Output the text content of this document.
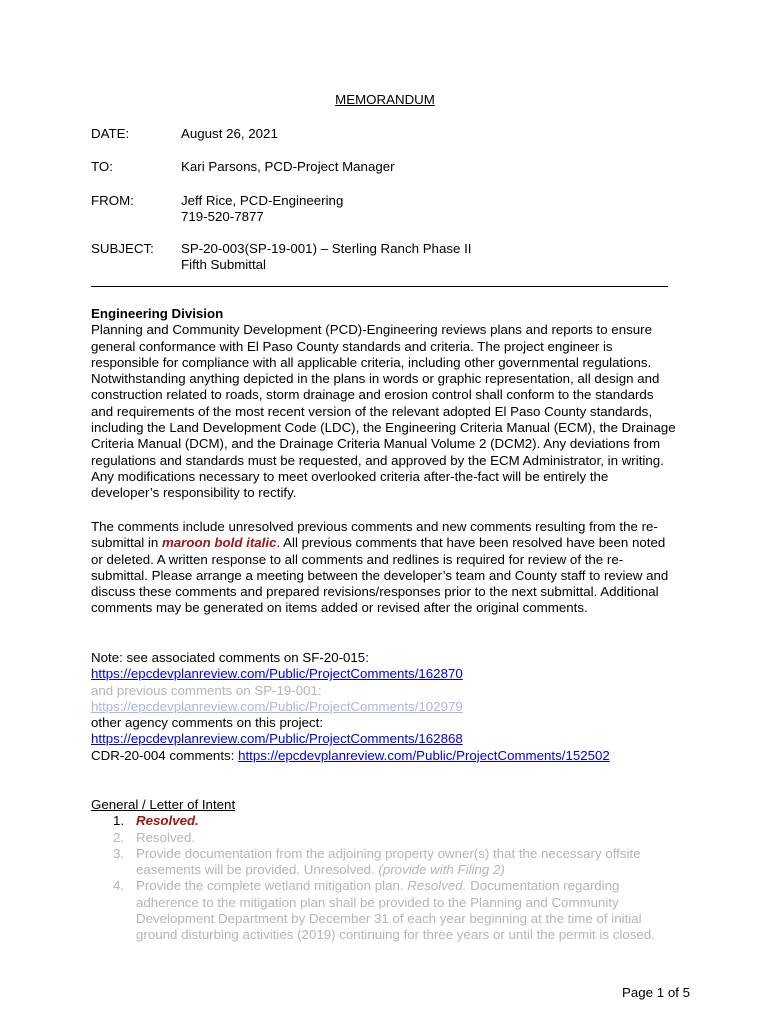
MEMORANDUM
DATE:	August 26, 2021
TO:	Kari Parsons, PCD-Project Manager
FROM:	Jeff Rice, PCD-Engineering
719-520-7877
SUBJECT: SP-20-003(SP-19-001) – Sterling Ranch Phase II
Fifth Submittal

Engineering Division

Planning and Community Development (PCD)-Engineering reviews plans and reports to ensure general conformance with El Paso County standards and criteria. The project engineer is responsible for compliance with all applicable criteria, including other governmental regulations. Notwithstanding anything depicted in the plans in words or graphic representation, all design and construction related to roads, storm drainage and erosion control shall conform to the standards and requirements of the most recent version of the relevant adopted El Paso County standards, including the Land Development Code (LDC), the Engineering Criteria Manual (ECM), the Drainage Criteria Manual (DCM), and the Drainage Criteria Manual Volume 2 (DCM2). Any deviations from regulations and standards must be requested, and approved by the ECM Administrator, in writing. Any modifications necessary to meet overlooked criteria after-the-fact will be entirely the developer’s responsibility to rectify.

The comments include unresolved previous comments and new comments resulting from the re-submittal in maroon bold italic. All previous comments that have been resolved have been noted or deleted. A written response to all comments and redlines is required for review of the re-submittal. Please arrange a meeting between the developer’s team and County staff to review and discuss these comments and prepared revisions/responses prior to the next submittal. Additional comments may be generated on items added or revised after the original comments.

Note: see associated comments on SF-20-015:

https://epcdevplanreview.com/Public/ProjectComments/162870

and previous comments on SP-19-001:

https://epcdevplanreview.com/Public/ProjectComments/102979

other agency comments on this project:

https://epcdevplanreview.com/Public/ProjectComments/162868

CDR-20-004 comments: https://epcdevplanreview.com/Public/ProjectComments/152502

General / Letter of Intent

1. Resolved.
2. Resolved.
3. Provide documentation from the adjoining property owner(s) that the necessary offsite easements will be provided. Unresolved. (provide with Filing 2)
4. Provide the complete wetland mitigation plan. Resolved. Documentation regarding adherence to the mitigation plan shall be provided to the Planning and Community Development Department by December 31 of each year beginning at the time of initial ground disturbing activities (2019) continuing for three years or until the permit is closed.
Page 1 of 5
